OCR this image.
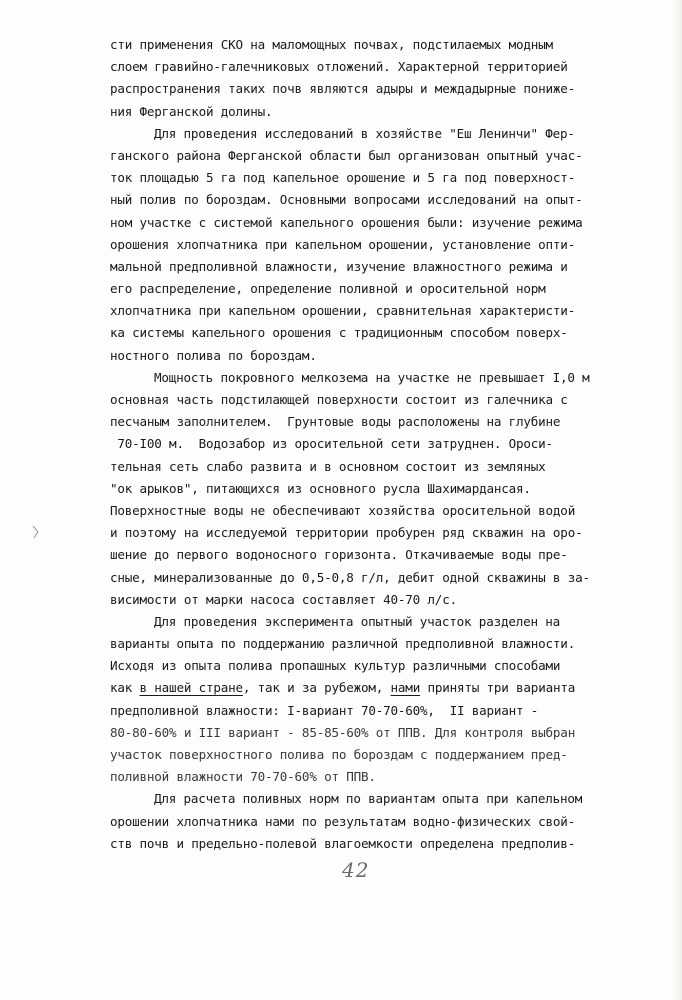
сти применения СКО на маломощных почвах, подстилаемых модным
слоем гравийно-галечниковых отложений. Характерной территорией
распространения таких почв являются адыры и междадырные пониже-
ния Ферганской долины.
Для проведения исследований в хозяйстве "Еш Ленинчи" Фер-
ганского района Ферганской области был организован опытный учас-
ток площадью 5 га под капельное орошение и 5 га под поверхност-
ный полив по бороздам. Основными вопросами исследований на опыт-
ном участке с системой капельного орошения были: изучение режима
орошения хлопчатника при капельном орошении, установление опти-
мальной предполивной влажности, изучение влажностного режима и
его распределение, определение поливной и оросительной норм
хлопчатника при капельном орошении, сравнительная характеристи-
ка системы капельного орошения с традиционным способом поверх-
ностного полива по бороздам.
Мощность покровного мелкозема на участке не превышает I,0 м
основная часть подстилающей поверхности состоит из галечника с
песчаным заполнителем.  Грунтовые воды расположены на глубине
70-I00 м.  Водозабор из оросительной сети затруднен. Ороси-
тельная сеть слабо развита и в основном состоит из земляных
"ок арыков", питающихся из основного русла Шахимардансая.
Поверхностные воды не обеспечивают хозяйства оросительной водой
и поэтому на исследуемой территории пробурен ряд скважин на оро-
шение до первого водоносного горизонта. Откачиваемые воды пре-
сные, минерализованные до 0,5-0,8 г/л, дебит одной скважины в за-
висимости от марки насоса составляет 40-70 л/с.
Для проведения эксперимента опытный участок разделен на
варианты опыта по поддержанию различной предполивной влажности.
Исходя из опыта полива пропашных культур различными способами
как в нашей стране, так и за рубежом, нами приняты три варианта
предполивной влажности: I-вариант 70-70-60%,  II вариант -
80-80-60% и III вариант - 85-85-60% от ППВ. Для контроля выбран
участок поверхностного полива по бороздам с поддержанием пред-
поливной влажности 70-70-60% от ППВ.
Для расчета поливных норм по вариантам опыта при капельном
орошении хлопчатника нами по результатам водно-физических свой-
ств почв и предельно-полевой влагоемкости определена предполив-
42
